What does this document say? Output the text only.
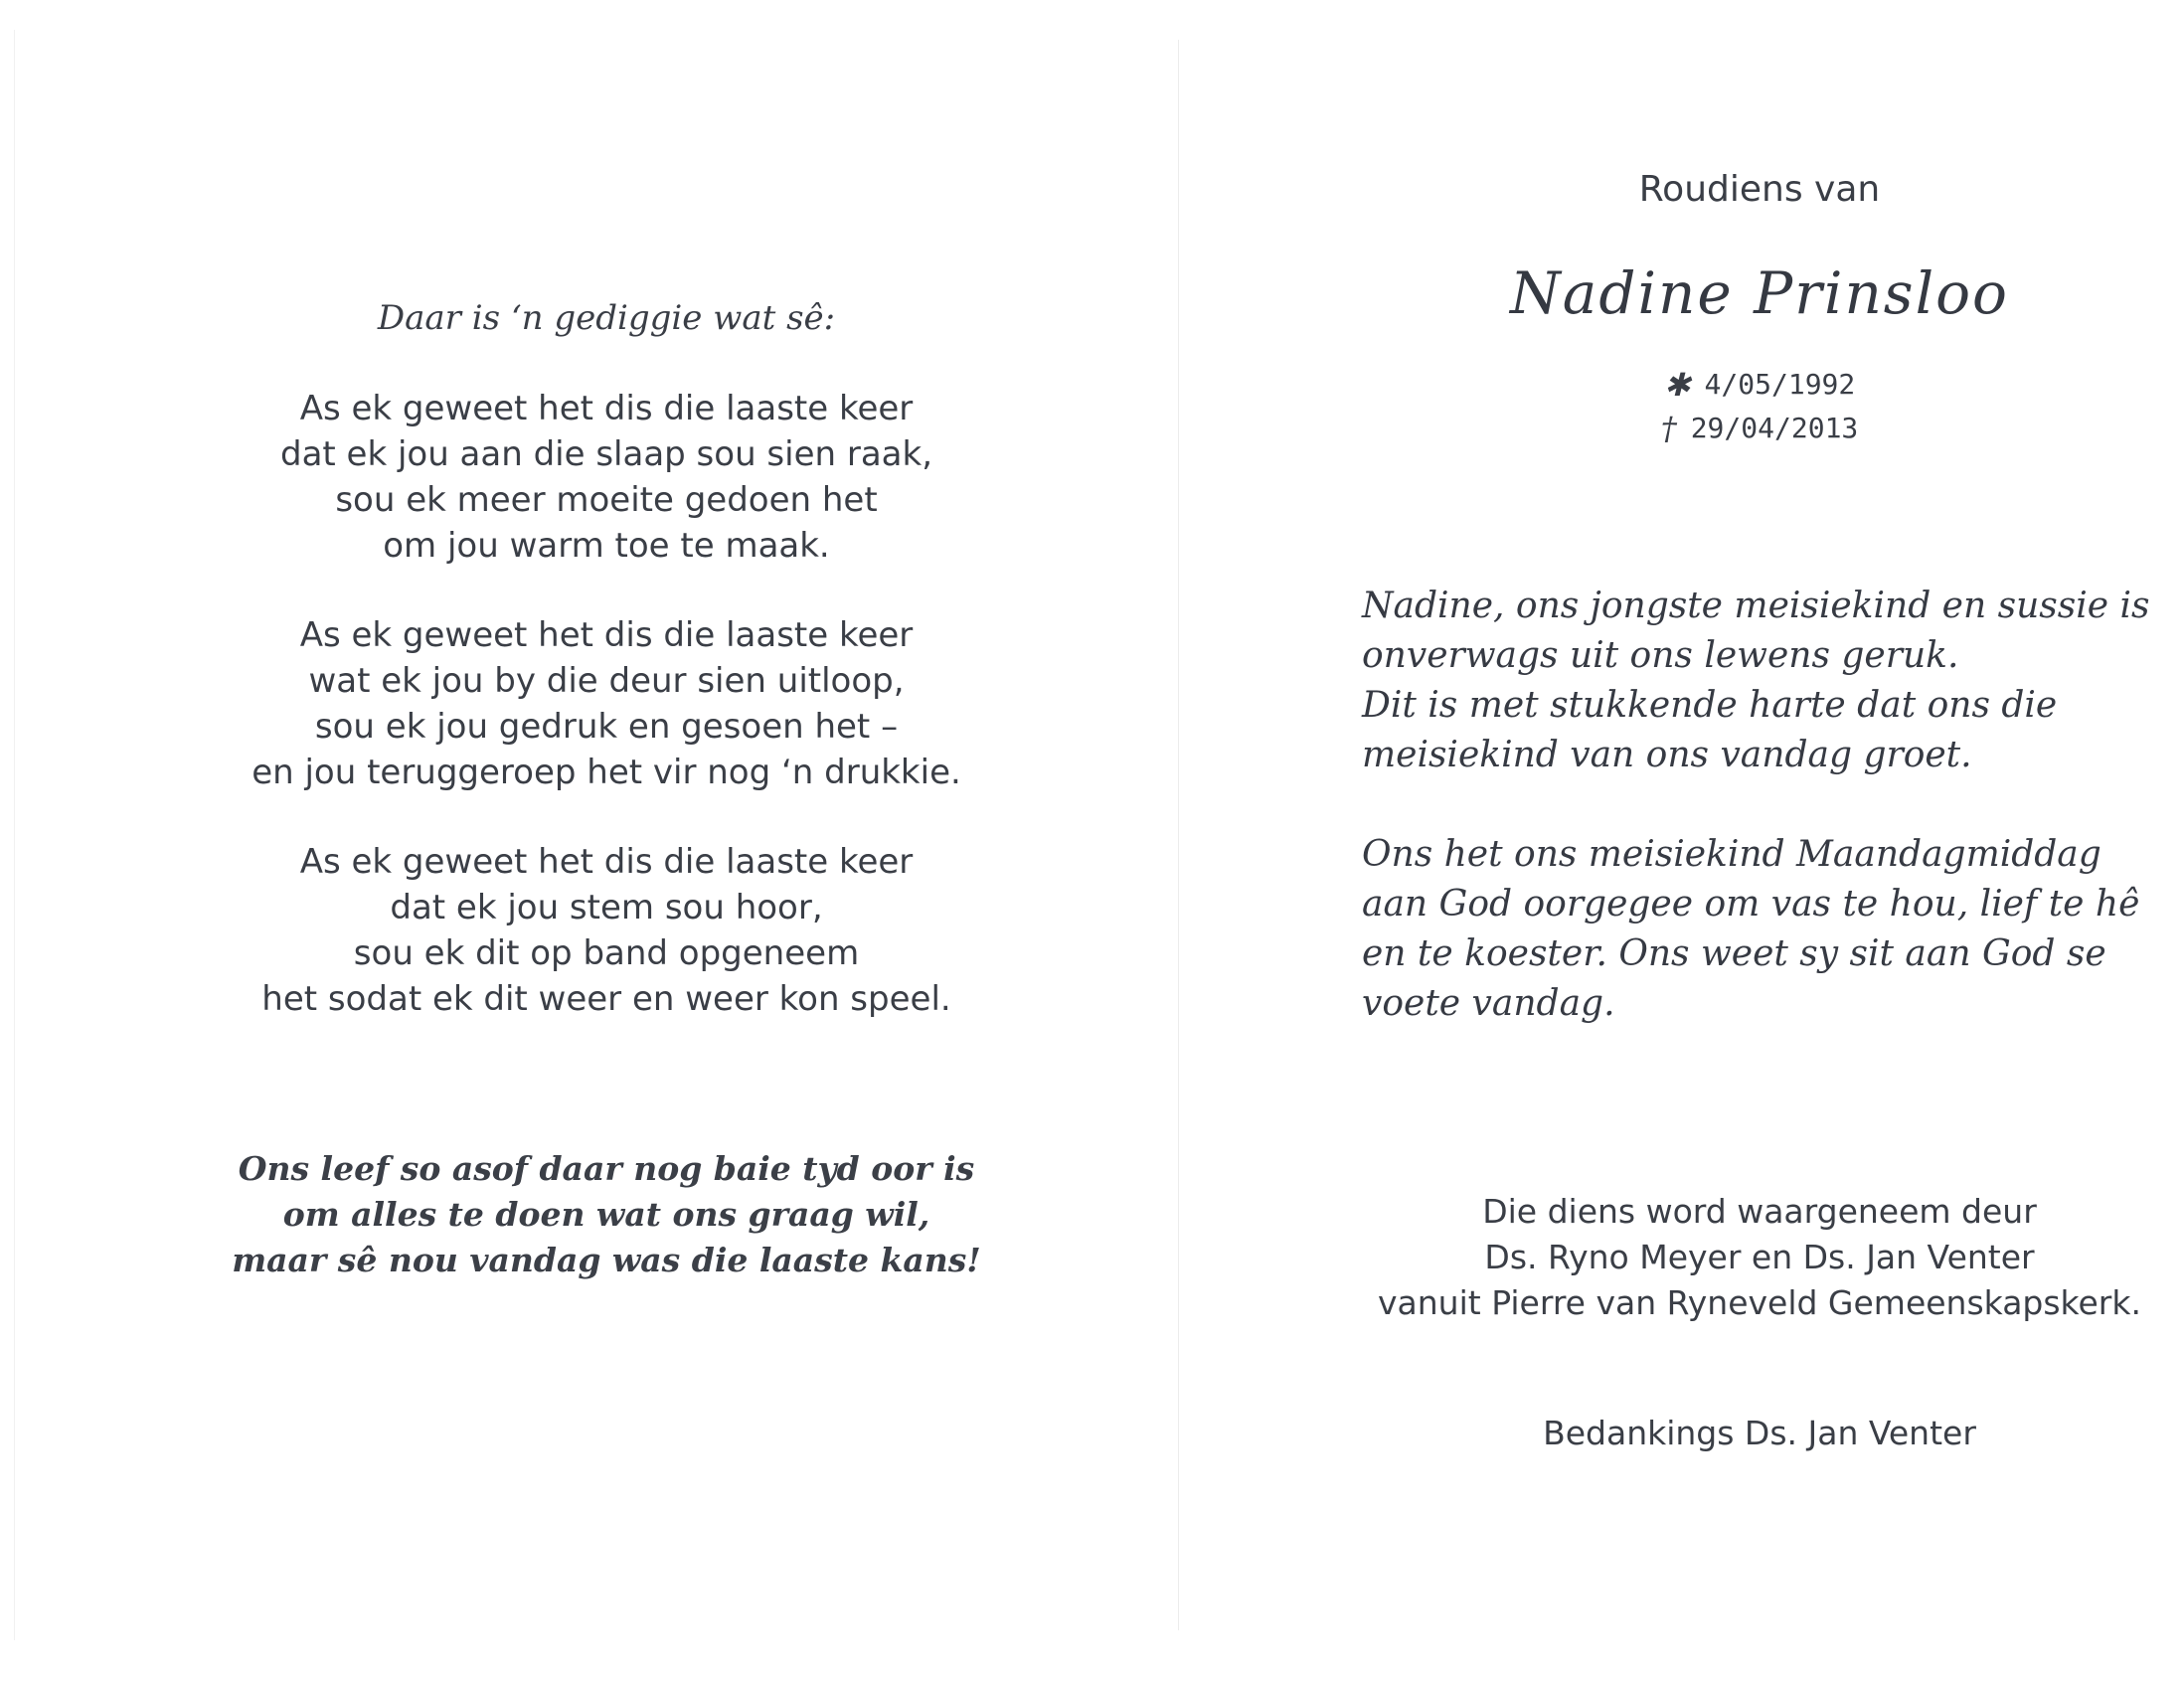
Daar is ‘n gediggie wat sê:

As ek geweet het dis die laaste keer
dat ek jou aan die slaap sou sien raak,
sou ek meer moeite gedoen het
om jou warm toe te maak.
As ek geweet het dis die laaste keer
wat ek jou by die deur sien uitloop,
sou ek jou gedruk en gesoen het –
en jou teruggeroep het vir nog ‘n drukkie.
As ek geweet het dis die laaste keer
dat ek jou stem sou hoor,
sou ek dit op band opgeneem
het sodat ek dit weer en weer kon speel.
Ons leef so asof daar nog baie tyd oor is
om alles te doen wat ons graag wil,
maar sê nou vandag was die laaste kans!

Roudiens van

Nadine Prinsloo

✱ 4/05/1992
† 29/04/2013

Nadine, ons jongste meisiekind en sussie is
onverwags uit ons lewens geruk.
Dit is met stukkende harte dat ons die
meisiekind van ons vandag groet.

Ons het ons meisiekind Maandagmiddag
aan God oorgegee om vas te hou, lief te hê
en te koester. Ons weet sy sit aan God se
voete vandag.

Die diens word waargeneem deur
Ds. Ryno Meyer en Ds. Jan Venter
vanuit Pierre van Ryneveld Gemeenskapskerk.
Bedankings Ds. Jan Venter
